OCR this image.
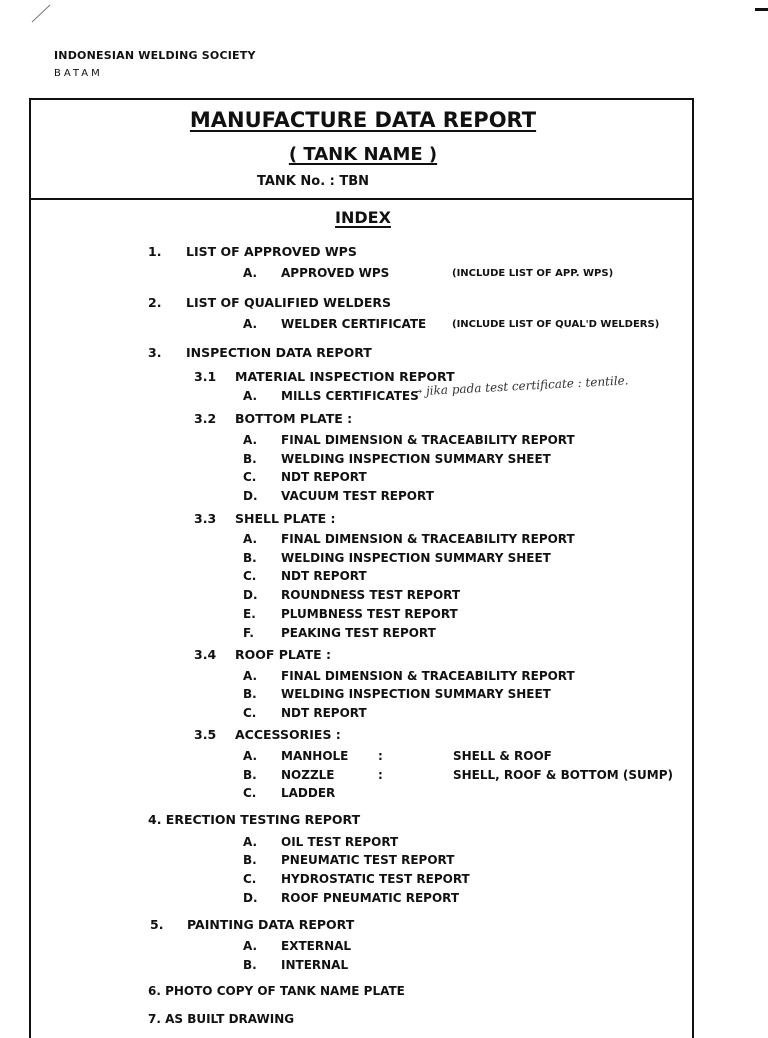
INDONESIAN WELDING SOCIETY
BATAM
MANUFACTURE DATA REPORT
( TANK NAME )
TANK No. : TBN
INDEX
1. LIST OF APPROVED WPS
A. APPROVED WPS	(INCLUDE LIST OF APP. WPS)
2. LIST OF QUALIFIED WELDERS
A. WELDER CERTIFICATE	(INCLUDE LIST OF QUAL'D WELDERS)
3. INSPECTION DATA REPORT
3.1 MATERIAL INSPECTION REPORT
A. MILLS CERTIFICATES
→ jika pada test certificate : tentile.
3.2 BOTTOM PLATE :
A. FINAL DIMENSION & TRACEABILITY REPORT
B. WELDING INSPECTION SUMMARY SHEET
C. NDT REPORT
D. VACUUM TEST REPORT
3.3 SHELL PLATE :
A. FINAL DIMENSION & TRACEABILITY REPORT
B. WELDING INSPECTION SUMMARY SHEET
C. NDT REPORT
D. ROUNDNESS TEST REPORT
E. PLUMBNESS TEST REPORT
F. PEAKING TEST REPORT
3.4 ROOF PLATE :
A. FINAL DIMENSION & TRACEABILITY REPORT
B. WELDING INSPECTION SUMMARY SHEET
C. NDT REPORT
3.5 ACCESSORIES :
A. MANHOLE :	SHELL & ROOF
B. NOZZLE	:	SHELL, ROOF & BOTTOM (SUMP)
C. LADDER
4. ERECTION TESTING REPORT
A. OIL TEST REPORT
B. PNEUMATIC TEST REPORT
C. HYDROSTATIC TEST REPORT
D. ROOF PNEUMATIC REPORT
5. PAINTING DATA REPORT
A. EXTERNAL
B. INTERNAL
6. PHOTO COPY OF TANK NAME PLATE
7. AS BUILT DRAWING
